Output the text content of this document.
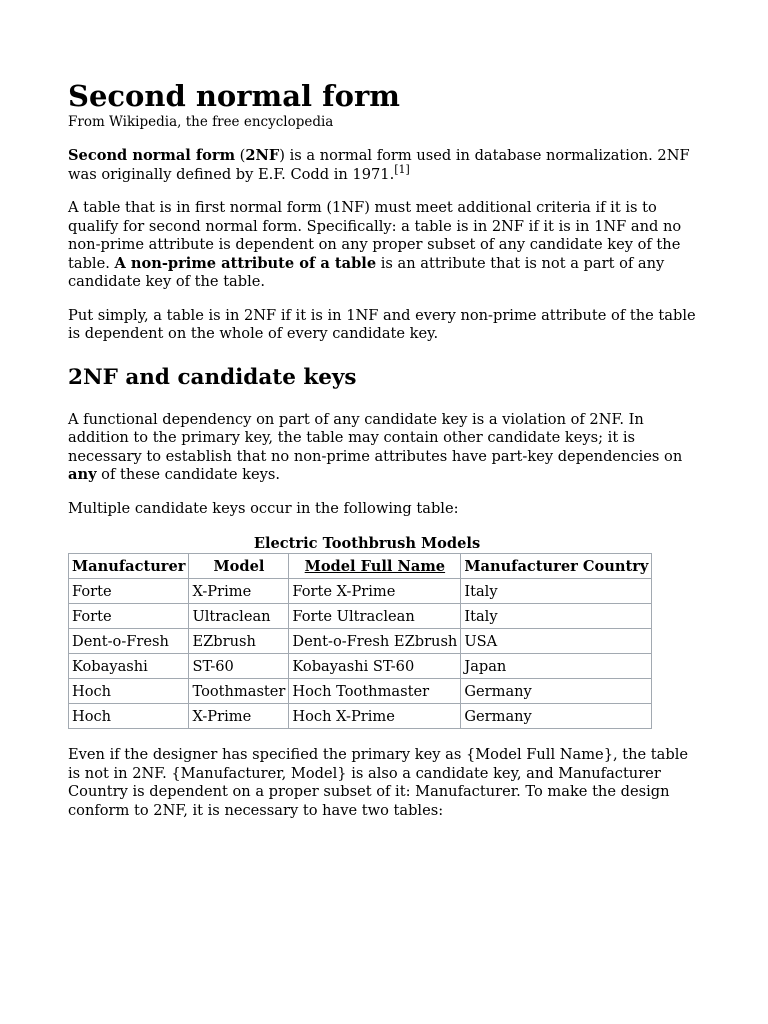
Second normal form
From Wikipedia, the free encyclopedia

Second normal form (2NF) is a normal form used in database normalization. 2NF was originally defined by E.F. Codd in 1971.[1]

A table that is in first normal form (1NF) must meet additional criteria if it is to qualify for second normal form. Specifically: a table is in 2NF if it is in 1NF and no non-prime attribute is dependent on any proper subset of any candidate key of the table. A non-prime attribute of a table is an attribute that is not a part of any candidate key of the table.

Put simply, a table is in 2NF if it is in 1NF and every non-prime attribute of the table is dependent on the whole of every candidate key.

2NF and candidate keys

A functional dependency on part of any candidate key is a violation of 2NF. In addition to the primary key, the table may contain other candidate keys; it is necessary to establish that no non-prime attributes have part-key dependencies on any of these candidate keys.

Multiple candidate keys occur in the following table:

Electric Toothbrush Models
Manufacturer	Model	Model Full Name	Manufacturer Country
Forte	X-Prime	Forte X-Prime	Italy
Forte	Ultraclean	Forte Ultraclean	Italy
Dent-o-Fresh	EZbrush	Dent-o-Fresh EZbrush	USA
Kobayashi	ST-60	Kobayashi ST-60	Japan
Hoch	Toothmaster	Hoch Toothmaster	Germany
Hoch	X-Prime	Hoch X-Prime	Germany

Even if the designer has specified the primary key as {Model Full Name}, the table is not in 2NF. {Manufacturer, Model} is also a candidate key, and Manufacturer Country is dependent on a proper subset of it: Manufacturer. To make the design conform to 2NF, it is necessary to have two tables:
